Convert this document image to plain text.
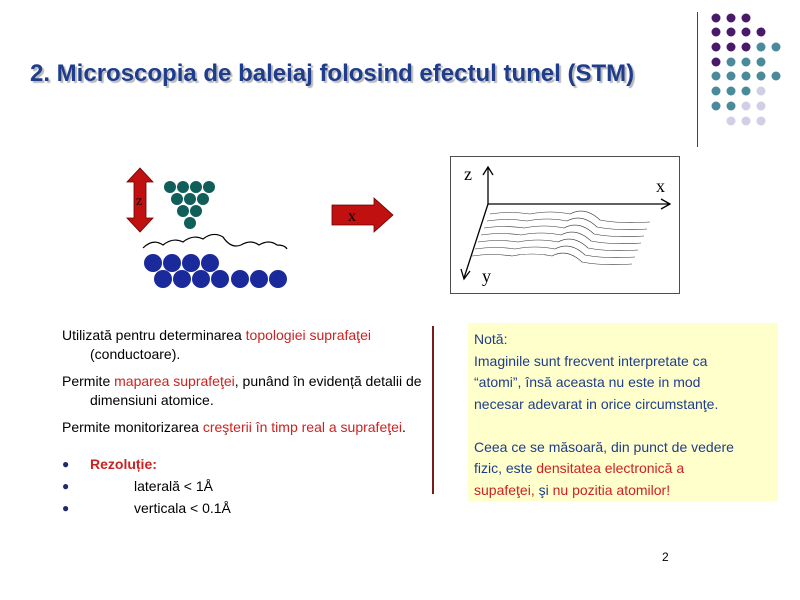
2. Microscopia de baleiaj folosind efectul tunel (STM)
z
x
z
x
y

Utilizată pentru determinarea topologiei suprafaţei (conductoare).

Permite maparea suprafeţei, punând în evidență detalii de dimensiuni atomice.

Permite monitorizarea creşterii în timp real a suprafeţei.

● Rezoluție:
●	laterală < 1Å
●	verticala < 0.1Å
Notă:
Imaginile sunt frecvent interpretate ca
“atomi”, însă aceasta nu este in mod
necesar adevarat in orice circumstanţe.

Ceea ce se măsoară, din punct de vedere
fizic, este densitatea electronică a
supafeţei, şi nu pozitia atomilor!
2
